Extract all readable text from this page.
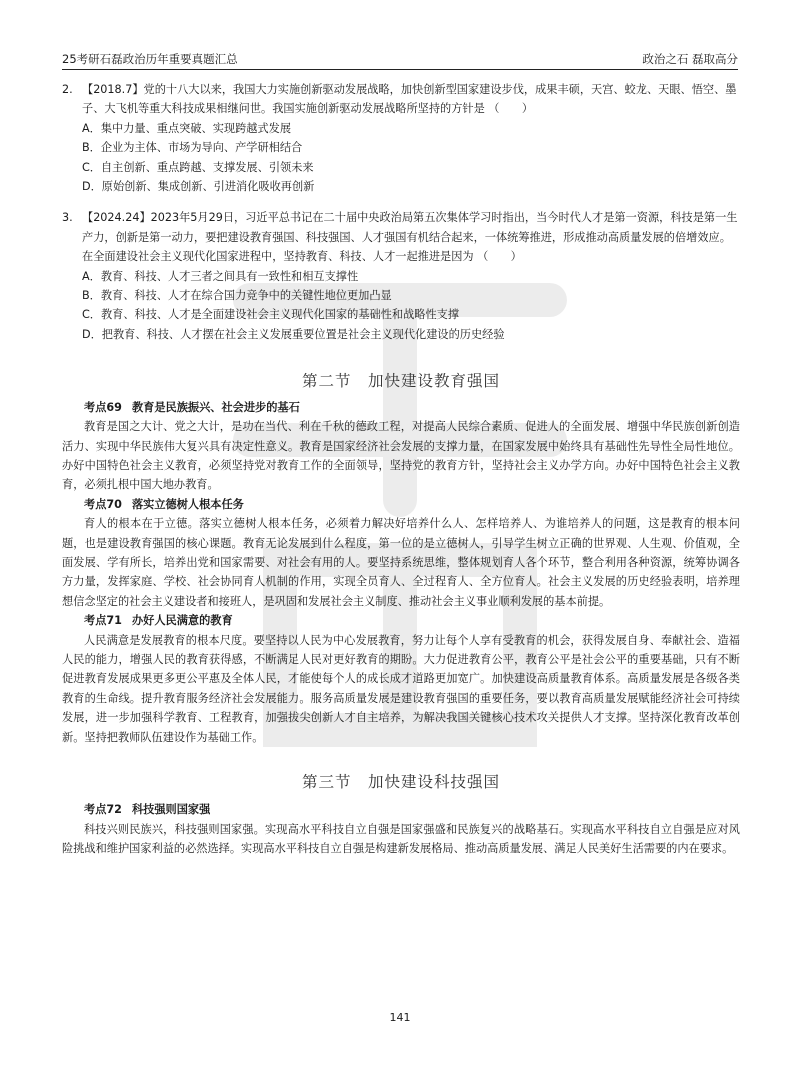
25考研石磊政治历年重要真题汇总	政治之石 磊取高分

2. 【2018.7】党的十八大以来，我国大力实施创新驱动发展战略，加快创新型国家建设步伐，成果丰硕，天宫、蛟龙、天眼、悟空、墨子、大飞机等重大科技成果相继问世。我国实施创新驱动发展战略所坚持的方针是 （　　）

A．集中力量、重点突破、实现跨越式发展

B．企业为主体、市场为导向、产学研相结合

C．自主创新、重点跨越、支撑发展、引领未来

D．原始创新、集成创新、引进消化吸收再创新

3. 【2024.24】2023年5月29日，习近平总书记在二十届中央政治局第五次集体学习时指出，当今时代人才是第一资源，科技是第一生产力，创新是第一动力，要把建设教育强国、科技强国、人才强国有机结合起来，一体统筹推进，形成推动高质量发展的倍增效应。在全面建设社会主义现代化国家进程中，坚持教育、科技、人才一起推进是因为 （　　）

A．教育、科技、人才三者之间具有一致性和相互支撑性

B．教育、科技、人才在综合国力竞争中的关键性地位更加凸显

C．教育、科技、人才是全面建设社会主义现代化国家的基础性和战略性支撑

D．把教育、科技、人才摆在社会主义发展重要位置是社会主义现代化建设的历史经验

第二节　加快建设教育强国

考点69 教育是民族振兴、社会进步的基石

教育是国之大计、党之大计，是功在当代、利在千秋的德政工程，对提高人民综合素质、促进人的全面发展、增强中华民族创新创造活力、实现中华民族伟大复兴具有决定性意义。教育是国家经济社会发展的支撑力量，在国家发展中始终具有基础性先导性全局性地位。办好中国特色社会主义教育，必须坚持党对教育工作的全面领导，坚持党的教育方针，坚持社会主义办学方向。办好中国特色社会主义教育，必须扎根中国大地办教育。

考点70 落实立德树人根本任务

育人的根本在于立德。落实立德树人根本任务，必须着力解决好培养什么人、怎样培养人、为谁培养人的问题，这是教育的根本问题，也是建设教育强国的核心课题。教育无论发展到什么程度，第一位的是立德树人，引导学生树立正确的世界观、人生观、价值观，全面发展、学有所长，培养出党和国家需要、对社会有用的人。要坚持系统思维，整体规划育人各个环节，整合利用各种资源，统筹协调各方力量，发挥家庭、学校、社会协同育人机制的作用，实现全员育人、全过程育人、全方位育人。社会主义发展的历史经验表明，培养理想信念坚定的社会主义建设者和接班人，是巩固和发展社会主义制度、推动社会主义事业顺利发展的基本前提。

考点71 办好人民满意的教育

人民满意是发展教育的根本尺度。要坚持以人民为中心发展教育，努力让每个人享有受教育的机会，获得发展自身、奉献社会、造福人民的能力，增强人民的教育获得感，不断满足人民对更好教育的期盼。大力促进教育公平，教育公平是社会公平的重要基础，只有不断促进教育发展成果更多更公平惠及全体人民，才能使每个人的成长成才道路更加宽广。加快建设高质量教育体系。高质量发展是各级各类教育的生命线。提升教育服务经济社会发展能力。服务高质量发展是建设教育强国的重要任务，要以教育高质量发展赋能经济社会可持续发展，进一步加强科学教育、工程教育，加强拔尖创新人才自主培养，为解决我国关键核心技术攻关提供人才支撑。坚持深化教育改革创新。坚持把教师队伍建设作为基础工作。

第三节　加快建设科技强国

考点72 科技强则国家强

科技兴则民族兴，科技强则国家强。实现高水平科技自立自强是国家强盛和民族复兴的战略基石。实现高水平科技自立自强是应对风险挑战和维护国家利益的必然选择。实现高水平科技自立自强是构建新发展格局、推动高质量发展、满足人民美好生活需要的内在要求。

141
